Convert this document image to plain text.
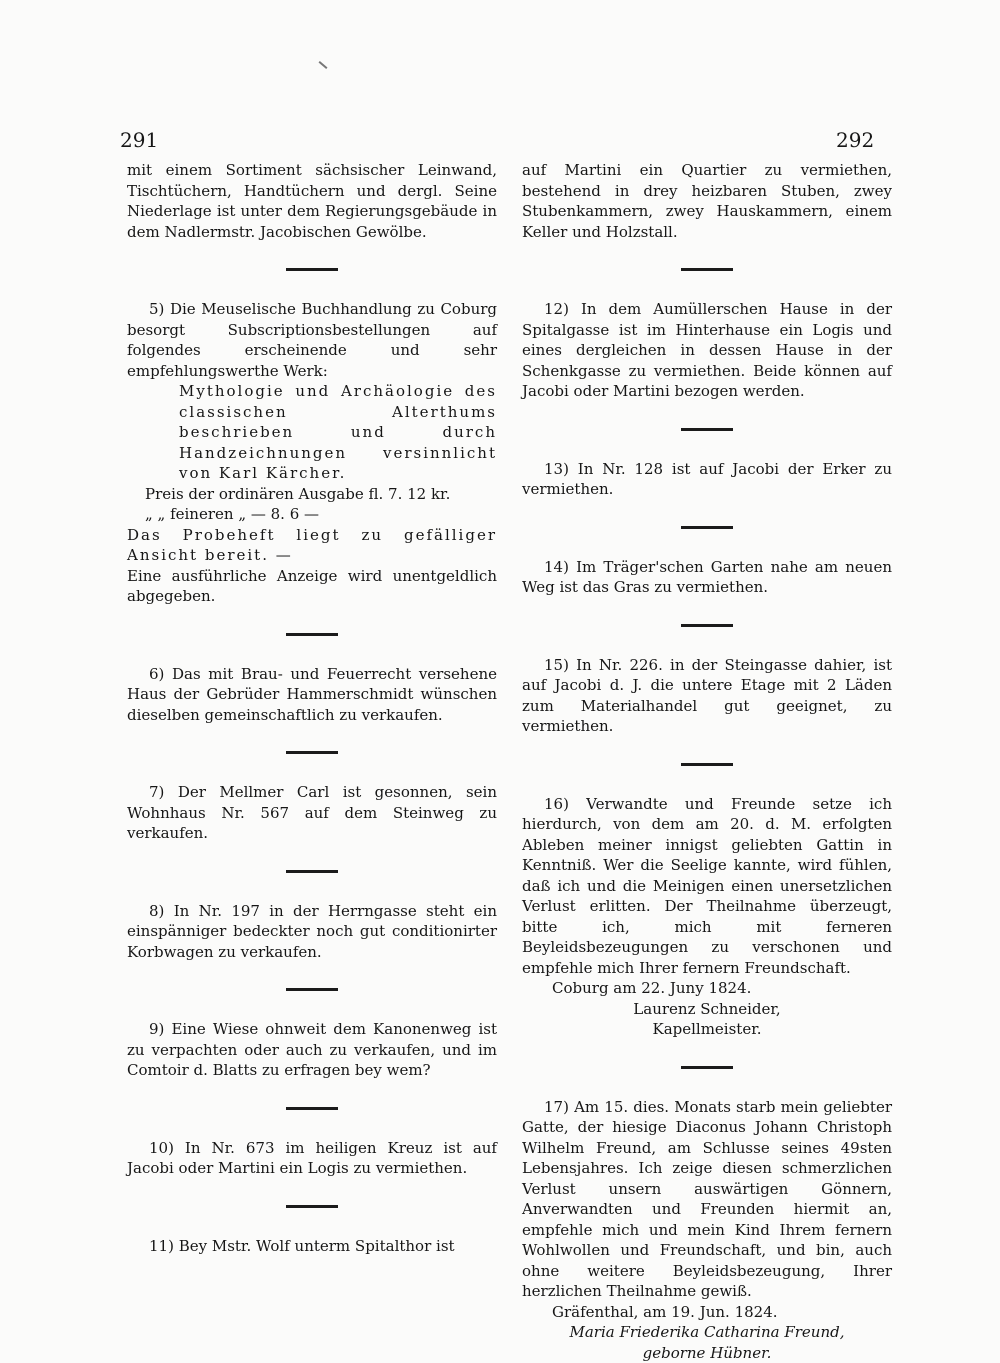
291	292

mit einem Sortiment sächsischer Leinwand, Tischtüchern, Handtüchern und dergl. Seine Niederlage ist unter dem Regierungsgebäude in dem Nadlermstr. Jacobischen Gewölbe.

5) Die Meuselische Buchhandlung zu Coburg besorgt Subscriptionsbestellungen auf folgendes erscheinende und sehr empfehlungswerthe Werk:

Mythologie und Archäologie des classischen Alterthums beschrieben und durch Handzeichnungen versinnlicht von Karl Kärcher.

Preis der ordinären Ausgabe fl. 7. 12 kr.

„ „ feineren „ — 8. 6 —

Das Probeheft liegt zu gefälliger Ansicht bereit. —

Eine ausführliche Anzeige wird unentgeldlich abgegeben.

6) Das mit Brau- und Feuerrecht versehene Haus der Gebrüder Hammerschmidt wünschen dieselben gemeinschaftlich zu verkaufen.

7) Der Mellmer Carl ist gesonnen, sein Wohnhaus Nr. 567 auf dem Steinweg zu verkaufen.

8) In Nr. 197 in der Herrngasse steht ein einspänniger bedeckter noch gut conditionirter Korbwagen zu verkaufen.

9) Eine Wiese ohnweit dem Kanonenweg ist zu verpachten oder auch zu verkaufen, und im Comtoir d. Blatts zu erfragen bey wem?

10) In Nr. 673 im heiligen Kreuz ist auf Jacobi oder Martini ein Logis zu vermiethen.

11) Bey Mstr. Wolf unterm Spitalthor ist

auf Martini ein Quartier zu vermiethen, bestehend in drey heizbaren Stuben, zwey Stubenkammern, zwey Hauskammern, einem Keller und Holzstall.

12) In dem Aumüllerschen Hause in der Spitalgasse ist im Hinterhause ein Logis und eines dergleichen in dessen Hause in der Schenkgasse zu vermiethen. Beide können auf Jacobi oder Martini bezogen werden.

13) In Nr. 128 ist auf Jacobi der Erker zu vermiethen.

14) Im Träger'schen Garten nahe am neuen Weg ist das Gras zu vermiethen.

15) In Nr. 226. in der Steingasse dahier, ist auf Jacobi d. J. die untere Etage mit 2 Läden zum Materialhandel gut geeignet, zu vermiethen.

16) Verwandte und Freunde setze ich hierdurch, von dem am 20. d. M. erfolgten Ableben meiner innigst geliebten Gattin in Kenntniß. Wer die Seelige kannte, wird fühlen, daß ich und die Meinigen einen unersetzlichen Verlust erlitten. Der Theilnahme überzeugt, bitte ich, mich mit ferneren Beyleidsbezeugungen zu verschonen und empfehle mich Ihrer fernern Freundschaft.

Coburg am 22. Juny 1824.

Laurenz Schneider,

Kapellmeister.

17) Am 15. dies. Monats starb mein geliebter Gatte, der hiesige Diaconus Johann Christoph Wilhelm Freund, am Schlusse seines 49sten Lebensjahres. Ich zeige diesen schmerzlichen Verlust unsern auswärtigen Gönnern, Anverwandten und Freunden hiermit an, empfehle mich und mein Kind Ihrem fernern Wohlwollen und Freundschaft, und bin, auch ohne weitere Beyleidsbezeugung, Ihrer herzlichen Theilnahme gewiß.

Gräfenthal, am 19. Jun. 1824.

Maria Friederika Catharina Freund,

geborne Hübner.
